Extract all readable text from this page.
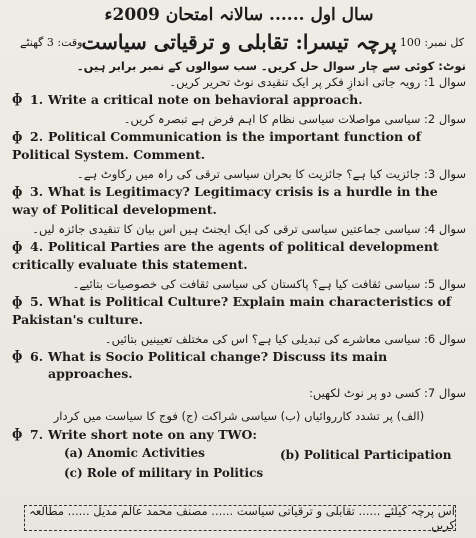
سال اول ...... سالانہ امتحان 2009ء
کل نمبر: 100
پرچہ تیسرا: تقابلی و ترقیاتی سیاست
وقت: 3 گھنٹے

نوٹ: کوئی سے چار سوال حل کریں۔ سب سوالوں کے نمبر برابر ہیں۔

سوال 1: رویہ جاتی اندازِ فکر پر ایک تنقیدی نوٹ تحریر کریں۔

ɸ 1. Write a critical note on behavioral approach.

سوال 2: سیاسی مواصلات سیاسی نظام کا اہم فرض ہے تبصرہ کریں۔

ɸ 2. Political Communication is the important function of Political System. Comment.

سوال 3: جائزیت کیا ہے؟ جائزیت کا بحران سیاسی ترقی کی راہ میں رکاوٹ ہے۔

ɸ 3. What is Legitimacy? Legitimacy crisis is a hurdle in the way of Political development.

سوال 4: سیاسی جماعتیں سیاسی ترقی کی ایک ایجنٹ ہیں اس بیان کا تنقیدی جائزہ لیں۔

ɸ 4. Political Parties are the agents of political development critically evaluate this statement.

سوال 5: سیاسی ثقافت کیا ہے؟ پاکستان کی سیاسی ثقافت کی خصوصیات بتائیے۔

ɸ 5. What is Political Culture? Explain main characteristics of Pakistan's culture.

سوال 6: سیاسی معاشرے کی تبدیلی کیا ہے؟ اس کی مختلف تعیینیں بتائیں۔

ɸ 6. What is Socio Political change? Discuss its main approaches.

سوال 7: کسی دو پر نوٹ لکھیں:

(الف) پر تشدد کارروائیاں (ب) سیاسی شراکت (ج) فوج کا سیاست میں کردار
ɸ 7. Write short note on any TWO:
(a) Anomic Activities	(b) Political Participation
(c) Role of military in Politics
اس پرچہ کیلئے ...... تقابلی و ترقیاتی سیاست ...... مصنف محمد عالم مدیل ...... مطالعہ کریں
